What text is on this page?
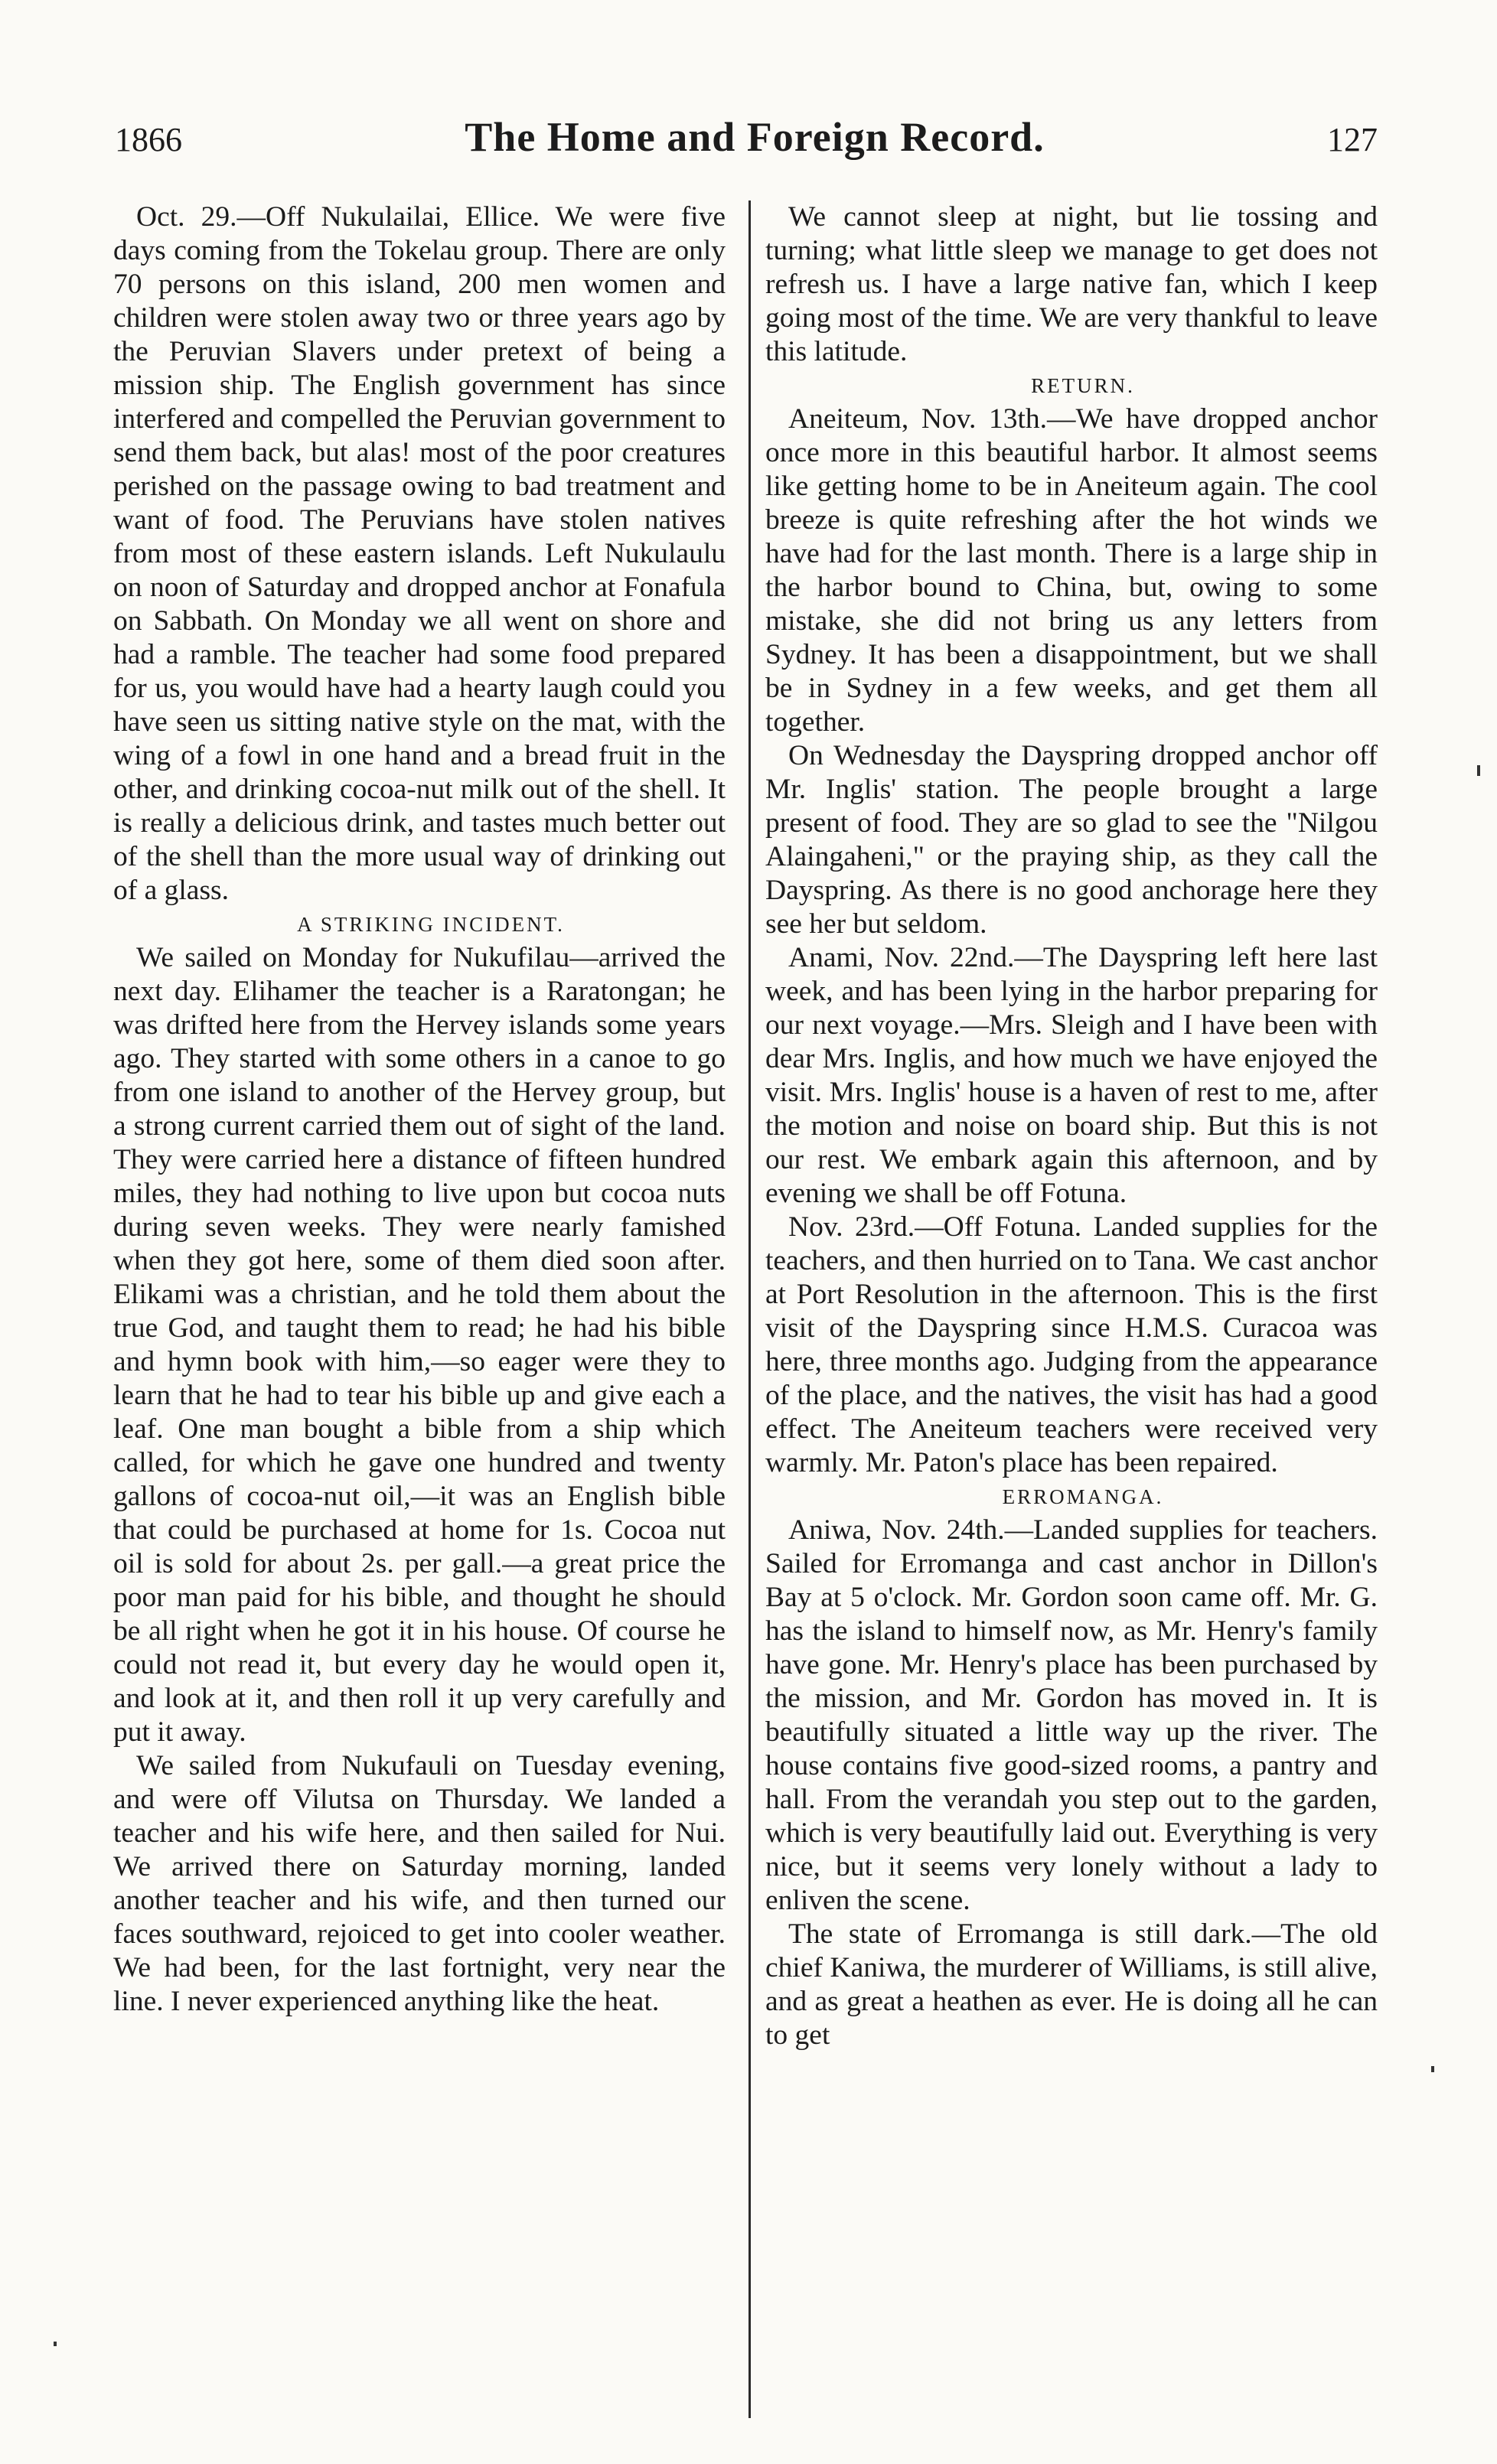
1866	The Home and Foreign Record.	127

Oct. 29.—Off Nukulailai, Ellice. We were five days coming from the Tokelau group. There are only 70 persons on this island, 200 men women and children were stolen away two or three years ago by the Peruvian Slavers under pretext of being a mission ship. The English government has since interfered and compelled the Peruvian government to send them back, but alas! most of the poor creatures perished on the passage owing to bad treatment and want of food. The Peruvians have stolen natives from most of these eastern islands. Left Nukulaulu on noon of Saturday and dropped anchor at Fonafula on Sabbath. On Monday we all went on shore and had a ramble. The teacher had some food prepared for us, you would have had a hearty laugh could you have seen us sitting native style on the mat, with the wing of a fowl in one hand and a bread fruit in the other, and drinking cocoa-nut milk out of the shell. It is really a delicious drink, and tastes much better out of the shell than the more usual way of drinking out of a glass.

A STRIKING INCIDENT.

We sailed on Monday for Nukufilau—arrived the next day. Elihamer the teacher is a Raratongan; he was drifted here from the Hervey islands some years ago. They started with some others in a canoe to go from one island to another of the Hervey group, but a strong current carried them out of sight of the land. They were carried here a distance of fifteen hundred miles, they had nothing to live upon but cocoa nuts during seven weeks. They were nearly famished when they got here, some of them died soon after. Elikami was a christian, and he told them about the true God, and taught them to read; he had his bible and hymn book with him,—so eager were they to learn that he had to tear his bible up and give each a leaf. One man bought a bible from a ship which called, for which he gave one hundred and twenty gallons of cocoa-nut oil,—it was an English bible that could be purchased at home for 1s. Cocoa nut oil is sold for about 2s. per gall.—a great price the poor man paid for his bible, and thought he should be all right when he got it in his house. Of course he could not read it, but every day he would open it, and look at it, and then roll it up very carefully and put it away.

We sailed from Nukufauli on Tuesday evening, and were off Vilutsa on Thursday. We landed a teacher and his wife here, and then sailed for Nui. We arrived there on Saturday morning, landed another teacher and his wife, and then turned our faces southward, rejoiced to get into cooler weather. We had been, for the last fortnight, very near the line. I never experienced anything like the heat.

We cannot sleep at night, but lie tossing and turning; what little sleep we manage to get does not refresh us. I have a large native fan, which I keep going most of the time. We are very thankful to leave this latitude.

RETURN.

Aneiteum, Nov. 13th.—We have dropped anchor once more in this beautiful harbor. It almost seems like getting home to be in Aneiteum again. The cool breeze is quite refreshing after the hot winds we have had for the last month. There is a large ship in the harbor bound to China, but, owing to some mistake, she did not bring us any letters from Sydney. It has been a disappointment, but we shall be in Sydney in a few weeks, and get them all together.

On Wednesday the Dayspring dropped anchor off Mr. Inglis' station. The people brought a large present of food. They are so glad to see the "Nilgou Alaingaheni," or the praying ship, as they call the Dayspring. As there is no good anchorage here they see her but seldom.

Anami, Nov. 22nd.—The Dayspring left here last week, and has been lying in the harbor preparing for our next voyage.—Mrs. Sleigh and I have been with dear Mrs. Inglis, and how much we have enjoyed the visit. Mrs. Inglis' house is a haven of rest to me, after the motion and noise on board ship. But this is not our rest. We embark again this afternoon, and by evening we shall be off Fotuna.

Nov. 23rd.—Off Fotuna. Landed supplies for the teachers, and then hurried on to Tana. We cast anchor at Port Resolution in the afternoon. This is the first visit of the Dayspring since H.M.S. Curacoa was here, three months ago. Judging from the appearance of the place, and the natives, the visit has had a good effect. The Aneiteum teachers were received very warmly. Mr. Paton's place has been repaired.

ERROMANGA.

Aniwa, Nov. 24th.—Landed supplies for teachers. Sailed for Erromanga and cast anchor in Dillon's Bay at 5 o'clock. Mr. Gordon soon came off. Mr. G. has the island to himself now, as Mr. Henry's family have gone. Mr. Henry's place has been purchased by the mission, and Mr. Gordon has moved in. It is beautifully situated a little way up the river. The house contains five good-sized rooms, a pantry and hall. From the verandah you step out to the garden, which is very beautifully laid out. Everything is very nice, but it seems very lonely without a lady to enliven the scene.

The state of Erromanga is still dark.—The old chief Kaniwa, the murderer of Williams, is still alive, and as great a heathen as ever. He is doing all he can to get
